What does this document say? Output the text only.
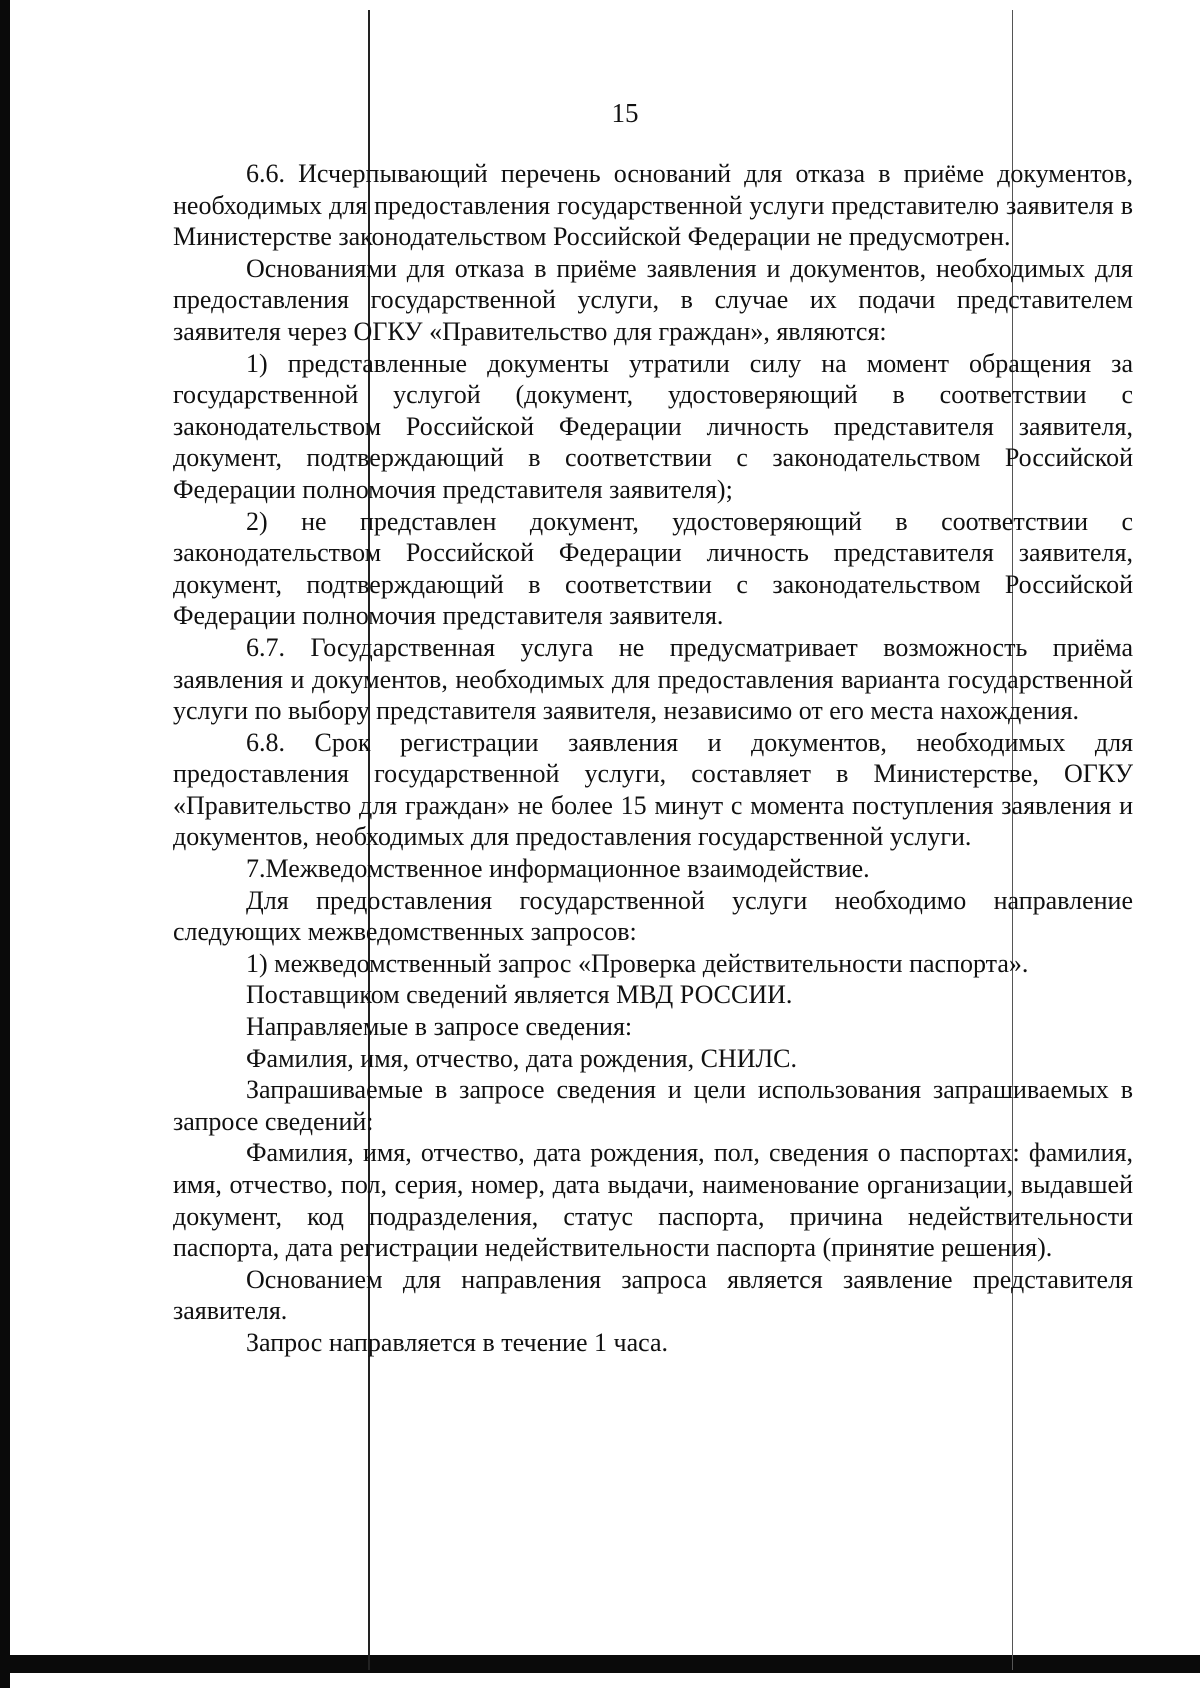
15

6.6. Исчерпывающий перечень оснований для отказа в приёме документов, необходимых для предоставления государственной услуги представителю заявителя в Министерстве законодательством Российской Федерации не предусмотрен.

Основаниями для отказа в приёме заявления и документов, необходимых для предоставления государственной услуги, в случае их подачи представителем заявителя через ОГКУ «Правительство для граждан», являются:

1) представленные документы утратили силу на момент обращения за государственной услугой (документ, удостоверяющий в соответствии с законодательством Российской Федерации личность представителя заявителя, документ, подтверждающий в соответствии с законодательством Российской Федерации полномочия представителя заявителя);

2) не представлен документ, удостоверяющий в соответствии с законодательством Российской Федерации личность представителя заявителя, документ, подтверждающий в соответствии с законодательством Российской Федерации полномочия представителя заявителя.

6.7. Государственная услуга не предусматривает возможность приёма заявления и документов, необходимых для предоставления варианта государственной услуги по выбору представителя заявителя, независимо от его места нахождения.

6.8. Срок регистрации заявления и документов, необходимых для предоставления государственной услуги, составляет в Министерстве, ОГКУ «Правительство для граждан» не более 15 минут с момента поступления заявления и документов, необходимых для предоставления государственной услуги.

7.Межведомственное информационное взаимодействие.

Для предоставления государственной услуги необходимо направление следующих межведомственных запросов:

1) межведомственный запрос «Проверка действительности паспорта».

Поставщиком сведений является МВД РОССИИ.

Направляемые в запросе сведения:

Фамилия, имя, отчество, дата рождения, СНИЛС.

Запрашиваемые в запросе сведения и цели использования запрашиваемых в запросе сведений:

Фамилия, имя, отчество, дата рождения, пол, сведения о паспортах: фамилия, имя, отчество, пол, серия, номер, дата выдачи, наименование организации, выдавшей документ, код подразделения, статус паспорта, причина недействительности паспорта, дата регистрации недействительности паспорта (принятие решения).

Основанием для направления запроса является заявление представителя заявителя.

Запрос направляется в течение 1 часа.
